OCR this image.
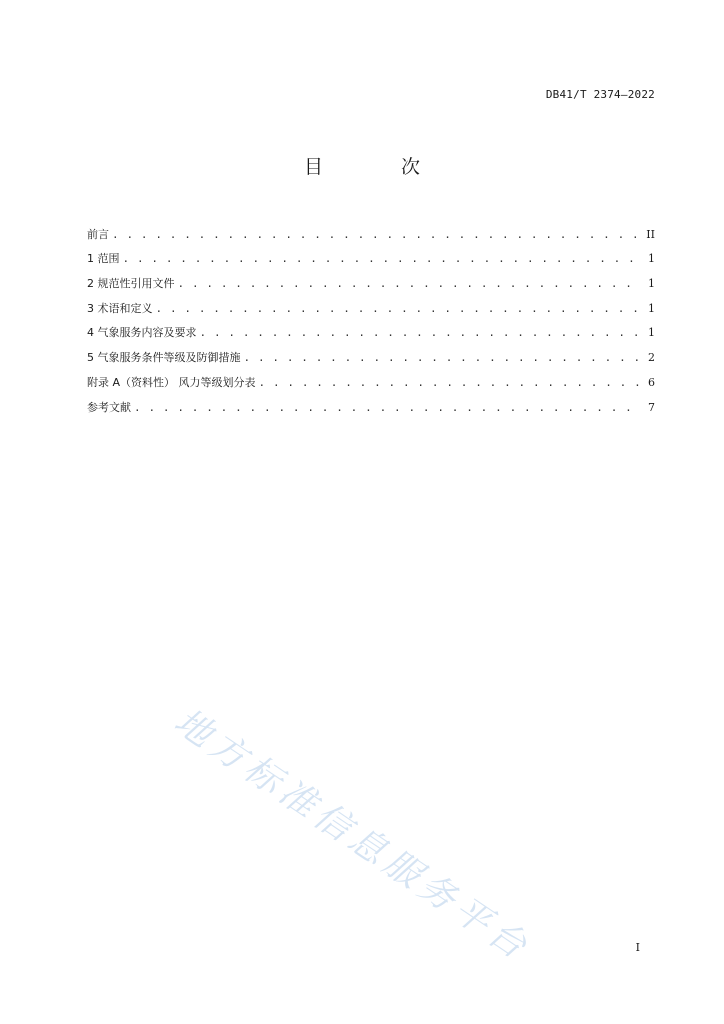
DB41/T 2374—2022
目 次
前言 . . .	II
1 范围 . . .	1
2 规范性引用文件 . . .	1
3 术语和定义 . . .	1
4 气象服务内容及要求 . . .	1
5 气象服务条件等级及防御措施 . . .	2
附录 A（资料性） 风力等级划分表 . . .	6
参考文献 . . .	7
地方标准信息服务平台	I
